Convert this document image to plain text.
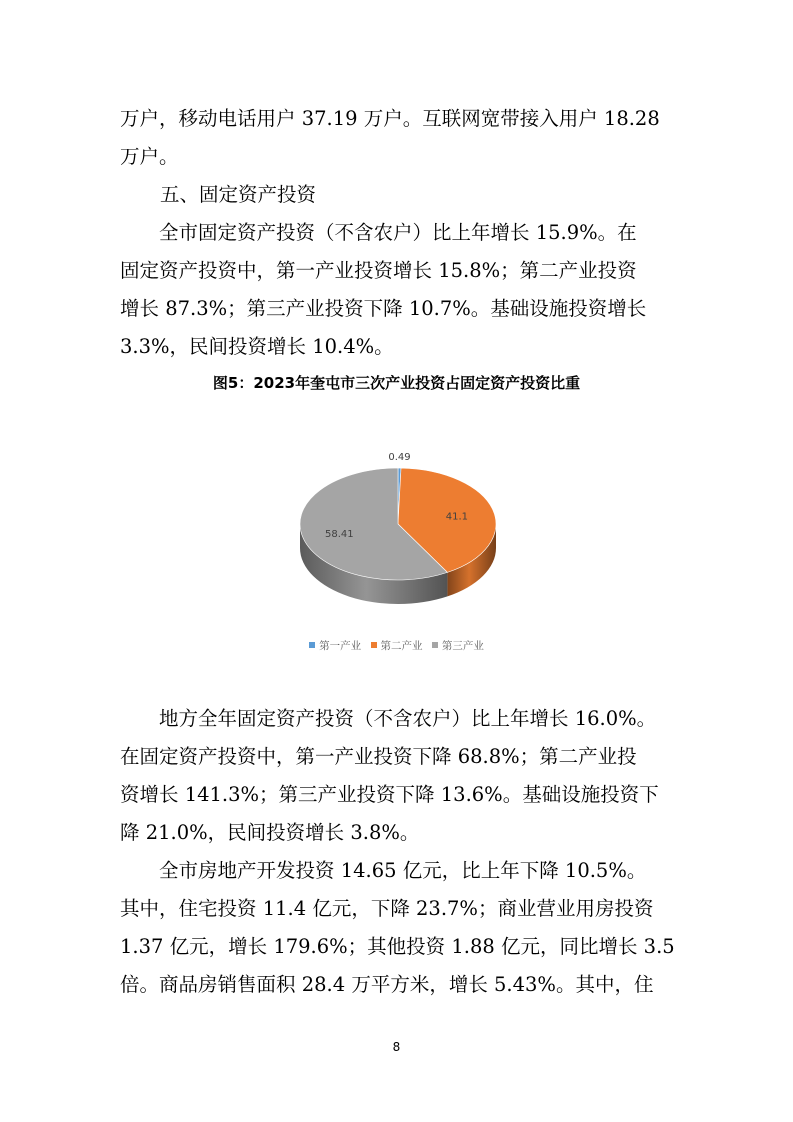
万户，移动电话用户 37.19 万户。互联网宽带接入用户 18.28
万户。
五、固定资产投资
　　全市固定资产投资（不含农户）比上年增长 15.9%。在
固定资产投资中，第一产业投资增长 15.8%；第二产业投资
增长 87.3%；第三产业投资下降 10.7%。基础设施投资增长
3.3%，民间投资增长 10.4%。
图5：2023年奎屯市三次产业投资占固定资产投资比重
0.49
41.1
58.41
第一产业 第二产业 第三产业
　　地方全年固定资产投资（不含农户）比上年增长 16.0%。
在固定资产投资中，第一产业投资下降 68.8%；第二产业投
资增长 141.3%；第三产业投资下降 13.6%。基础设施投资下
降 21.0%，民间投资增长 3.8%。
　　全市房地产开发投资 14.65 亿元，比上年下降 10.5%。
其中，住宅投资 11.4 亿元，下降 23.7%；商业营业用房投资
1.37 亿元，增长 179.6%；其他投资 1.88 亿元，同比增长 3.5
倍。商品房销售面积 28.4 万平方米，增长 5.43%。其中，住
8
